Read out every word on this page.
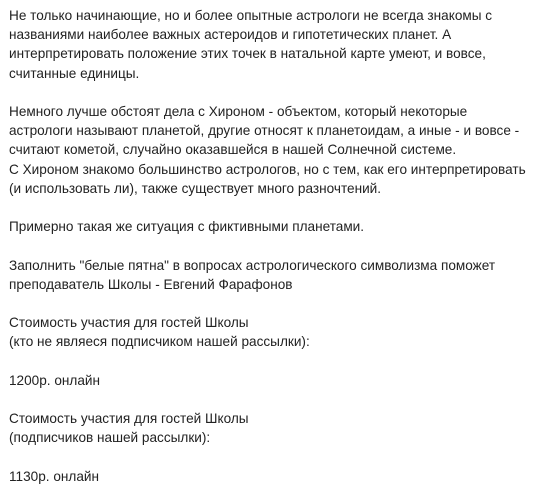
Не только начинающие, но и более опытные астрологи не всегда знакомы с
названиями наиболее важных астероидов и гипотетических планет. А
интерпретировать положение этих точек в натальной карте умеют, и вовсе,
считанные единицы.

Немного лучше обстоят дела с Хироном - объектом, который некоторые
астрологи называют планетой, другие относят к планетоидам, а иные - и вовсе -
считают кометой, случайно оказавшейся в нашей Солнечной системе.
С Хироном знакомо большинство астрологов, но с тем, как его интерпретировать
(и использовать ли), также существует много разночтений.

Примерно такая же ситуация с фиктивными планетами.

Заполнить "белые пятна" в вопросах астрологического символизма поможет
преподаватель Школы - Евгений Фарафонов

Стоимость участия для гостей Школы
(кто не являеся подписчиком нашей рассылки):

1200р. онлайн

Стоимость участия для гостей Школы
(подписчиков нашей рассылки):

1130р. онлайн
